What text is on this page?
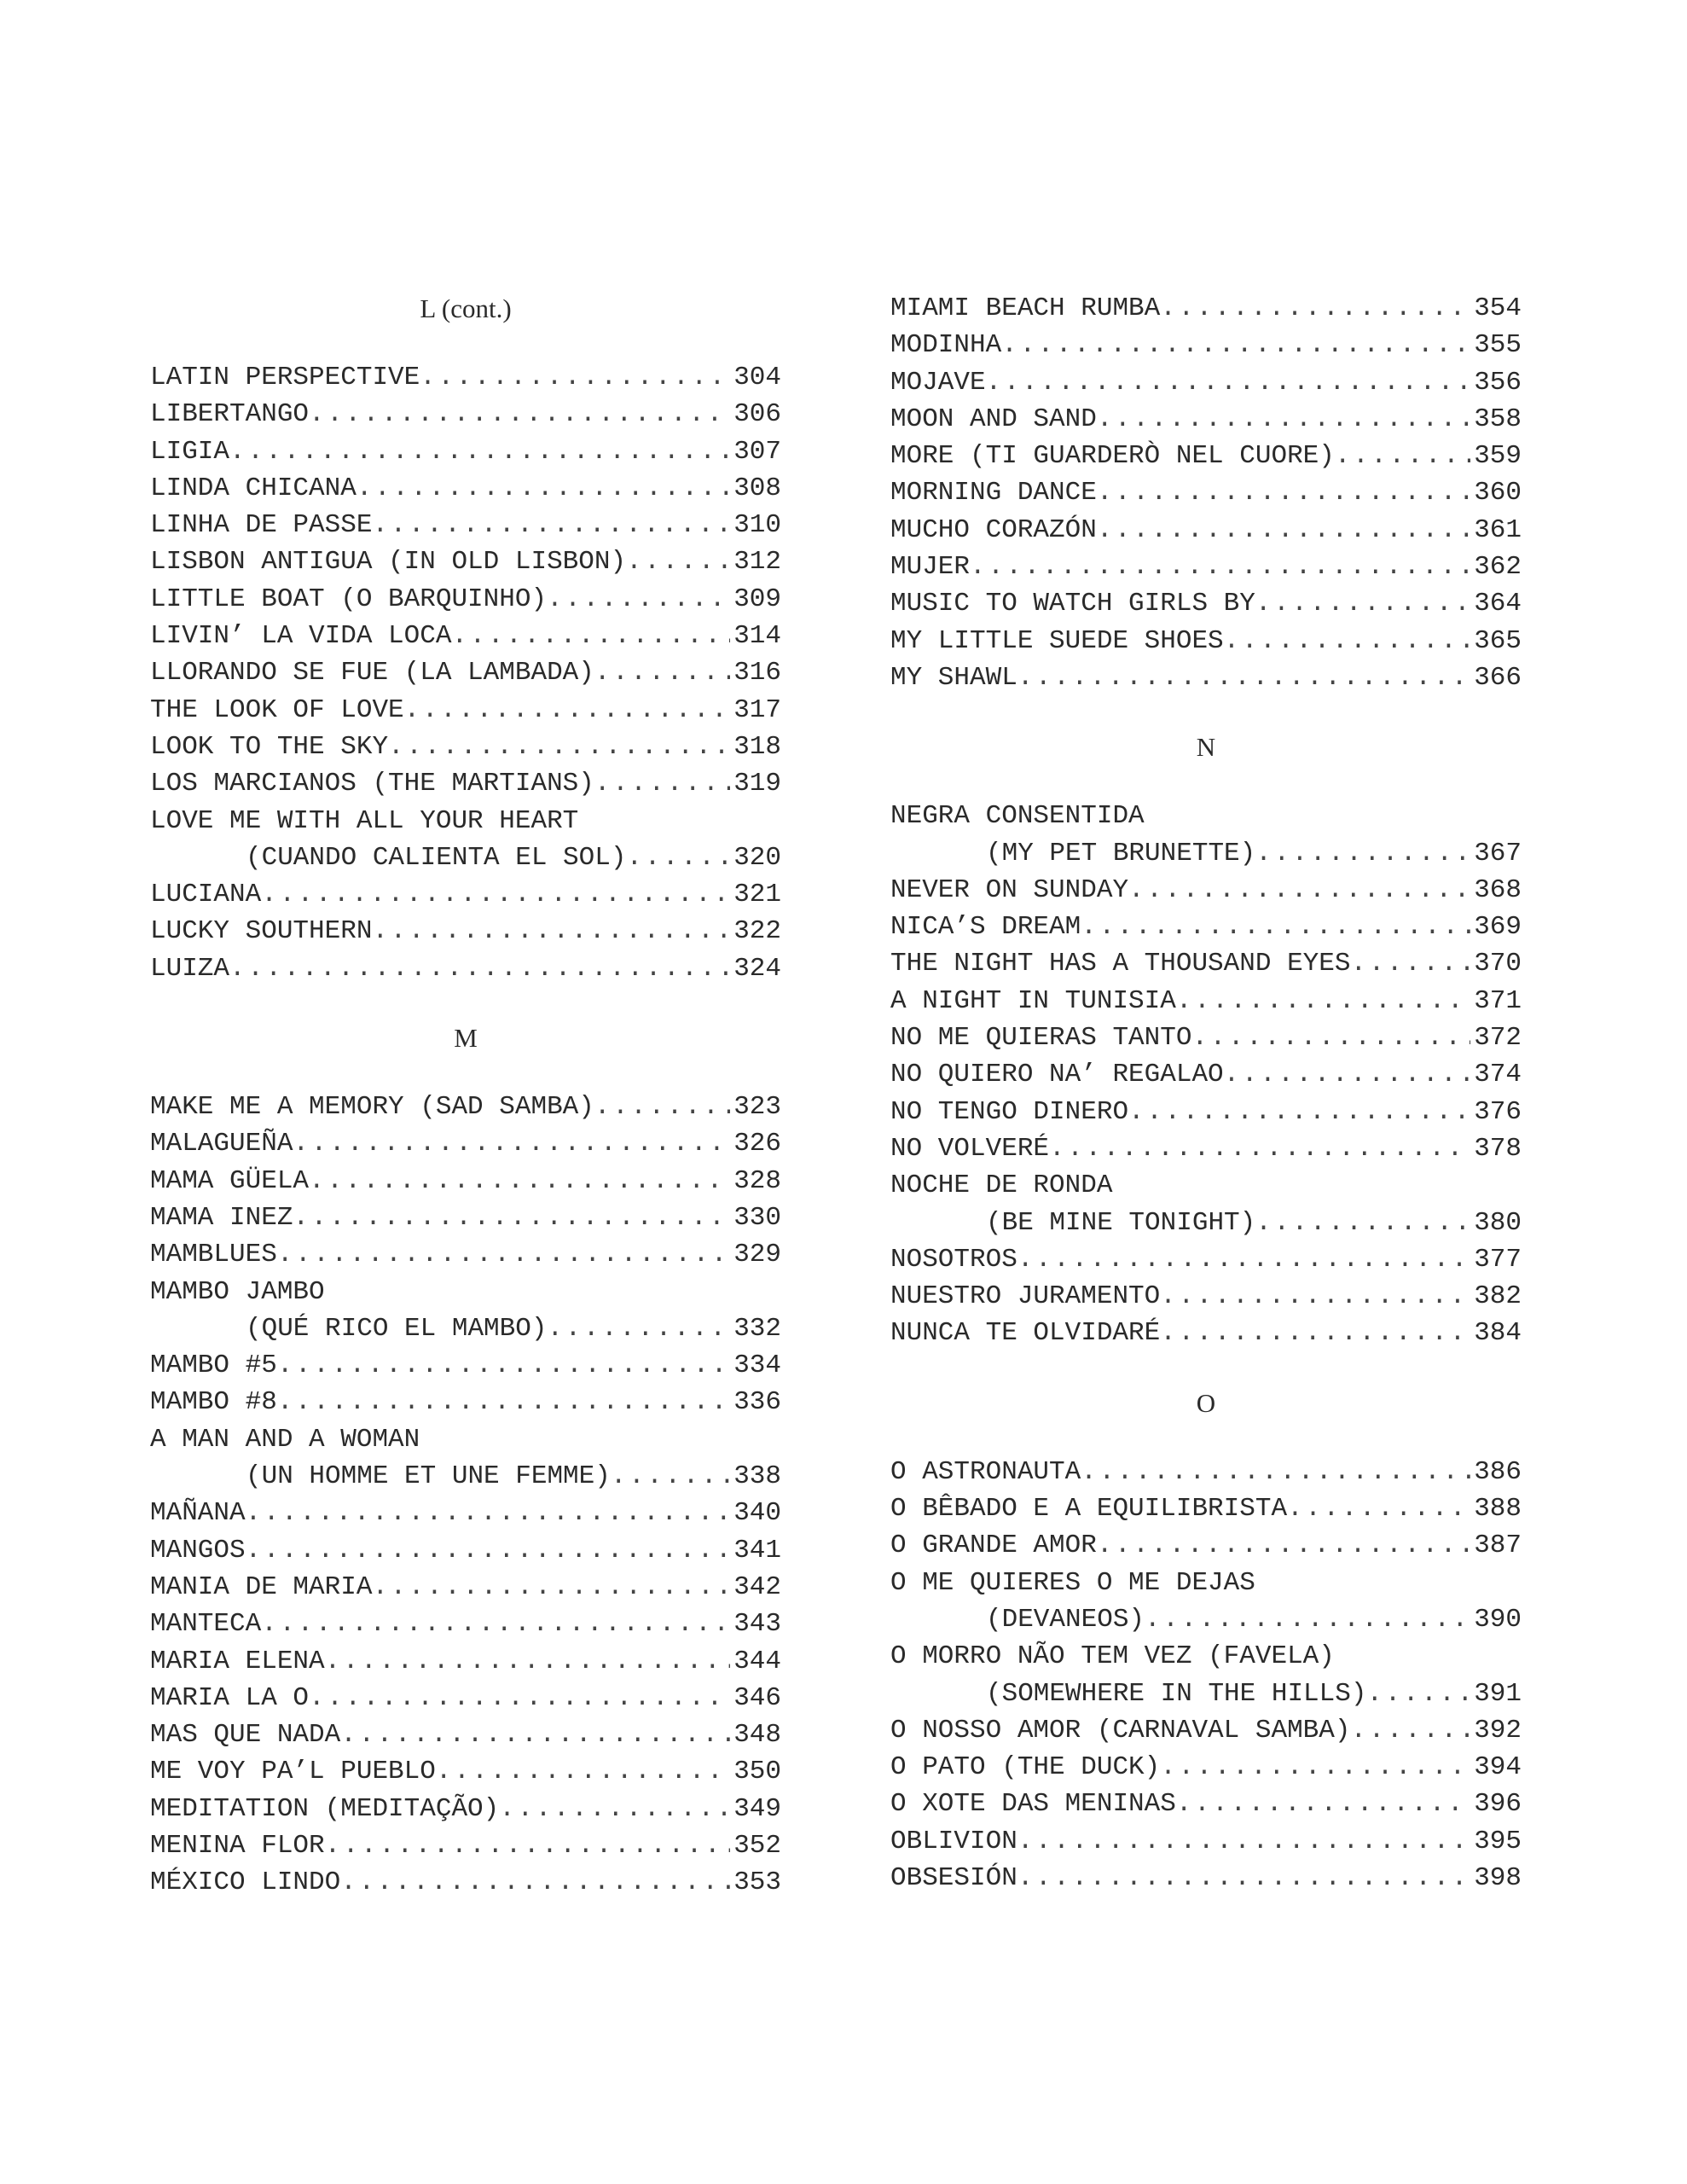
L (cont.)
LATIN PERSPECTIVE . . .	304
LIBERTANGO . . .	306
LIGIA . . .	307
LINDA CHICANA . . .	308
LINHA DE PASSE . . .	310
LISBON ANTIGUA (IN OLD LISBON) . . .	312
LITTLE BOAT (O BARQUINHO) . . .	309
LIVIN’ LA VIDA LOCA . . .	314
LLORANDO SE FUE (LA LAMBADA) . . .	316
THE LOOK OF LOVE . . .	317
LOOK TO THE SKY . . .	318
LOS MARCIANOS (THE MARTIANS) . . .	319
LOVE ME WITH ALL YOUR HEART
(CUANDO CALIENTA EL SOL) . . .	320
LUCIANA . . .	321
LUCKY SOUTHERN . . .	322
LUIZA . . .	324
M
MAKE ME A MEMORY (SAD SAMBA) . . .	323
MALAGUEÑA . . .	326
MAMA GÜELA . . .	328
MAMA INEZ . . .	330
MAMBLUES . . .	329
MAMBO JAMBO
(QUÉ RICO EL MAMBO) . . .	332
MAMBO #5 . . .	334
MAMBO #8 . . .	336
A MAN AND A WOMAN
(UN HOMME ET UNE FEMME) . . .	338
MAÑANA . . .	340
MANGOS . . .	341
MANIA DE MARIA . . .	342
MANTECA . . .	343
MARIA ELENA . . .	344
MARIA LA O . . .	346
MAS QUE NADA . . .	348
ME VOY PA’L PUEBLO . . .	350
MEDITATION (MEDITAÇÃO) . . .	349
MENINA FLOR . . .	352
MÉXICO LINDO . . .	353
MIAMI BEACH RUMBA . . .	354
MODINHA . . .	355
MOJAVE . . .	356
MOON AND SAND . . .	358
MORE (TI GUARDERÒ NEL CUORE) . . .	359
MORNING DANCE . . .	360
MUCHO CORAZÓN . . .	361
MUJER . . .	362
MUSIC TO WATCH GIRLS BY . . .	364
MY LITTLE SUEDE SHOES . . .	365
MY SHAWL . . .	366
N
NEGRA CONSENTIDA
(MY PET BRUNETTE) . . .	367
NEVER ON SUNDAY . . .	368
NICA’S DREAM . . .	369
THE NIGHT HAS A THOUSAND EYES . . .	370
A NIGHT IN TUNISIA . . .	371
NO ME QUIERAS TANTO . . .	372
NO QUIERO NA’ REGALAO . . .	374
NO TENGO DINERO . . .	376
NO VOLVERÉ . . .	378
NOCHE DE RONDA
(BE MINE TONIGHT) . . .	380
NOSOTROS . . .	377
NUESTRO JURAMENTO . . .	382
NUNCA TE OLVIDARÉ . . .	384
O
O ASTRONAUTA . . .	386
O BÊBADO E A EQUILIBRISTA . . .	388
O GRANDE AMOR . . .	387
O ME QUIERES O ME DEJAS
(DEVANEOS) . . .	390
O MORRO NÃO TEM VEZ (FAVELA)
(SOMEWHERE IN THE HILLS) . . .	391
O NOSSO AMOR (CARNAVAL SAMBA) . . .	392
O PATO (THE DUCK) . . .	394
O XOTE DAS MENINAS . . .	396
OBLIVION . . .	395
OBSESIÓN . . .	398
